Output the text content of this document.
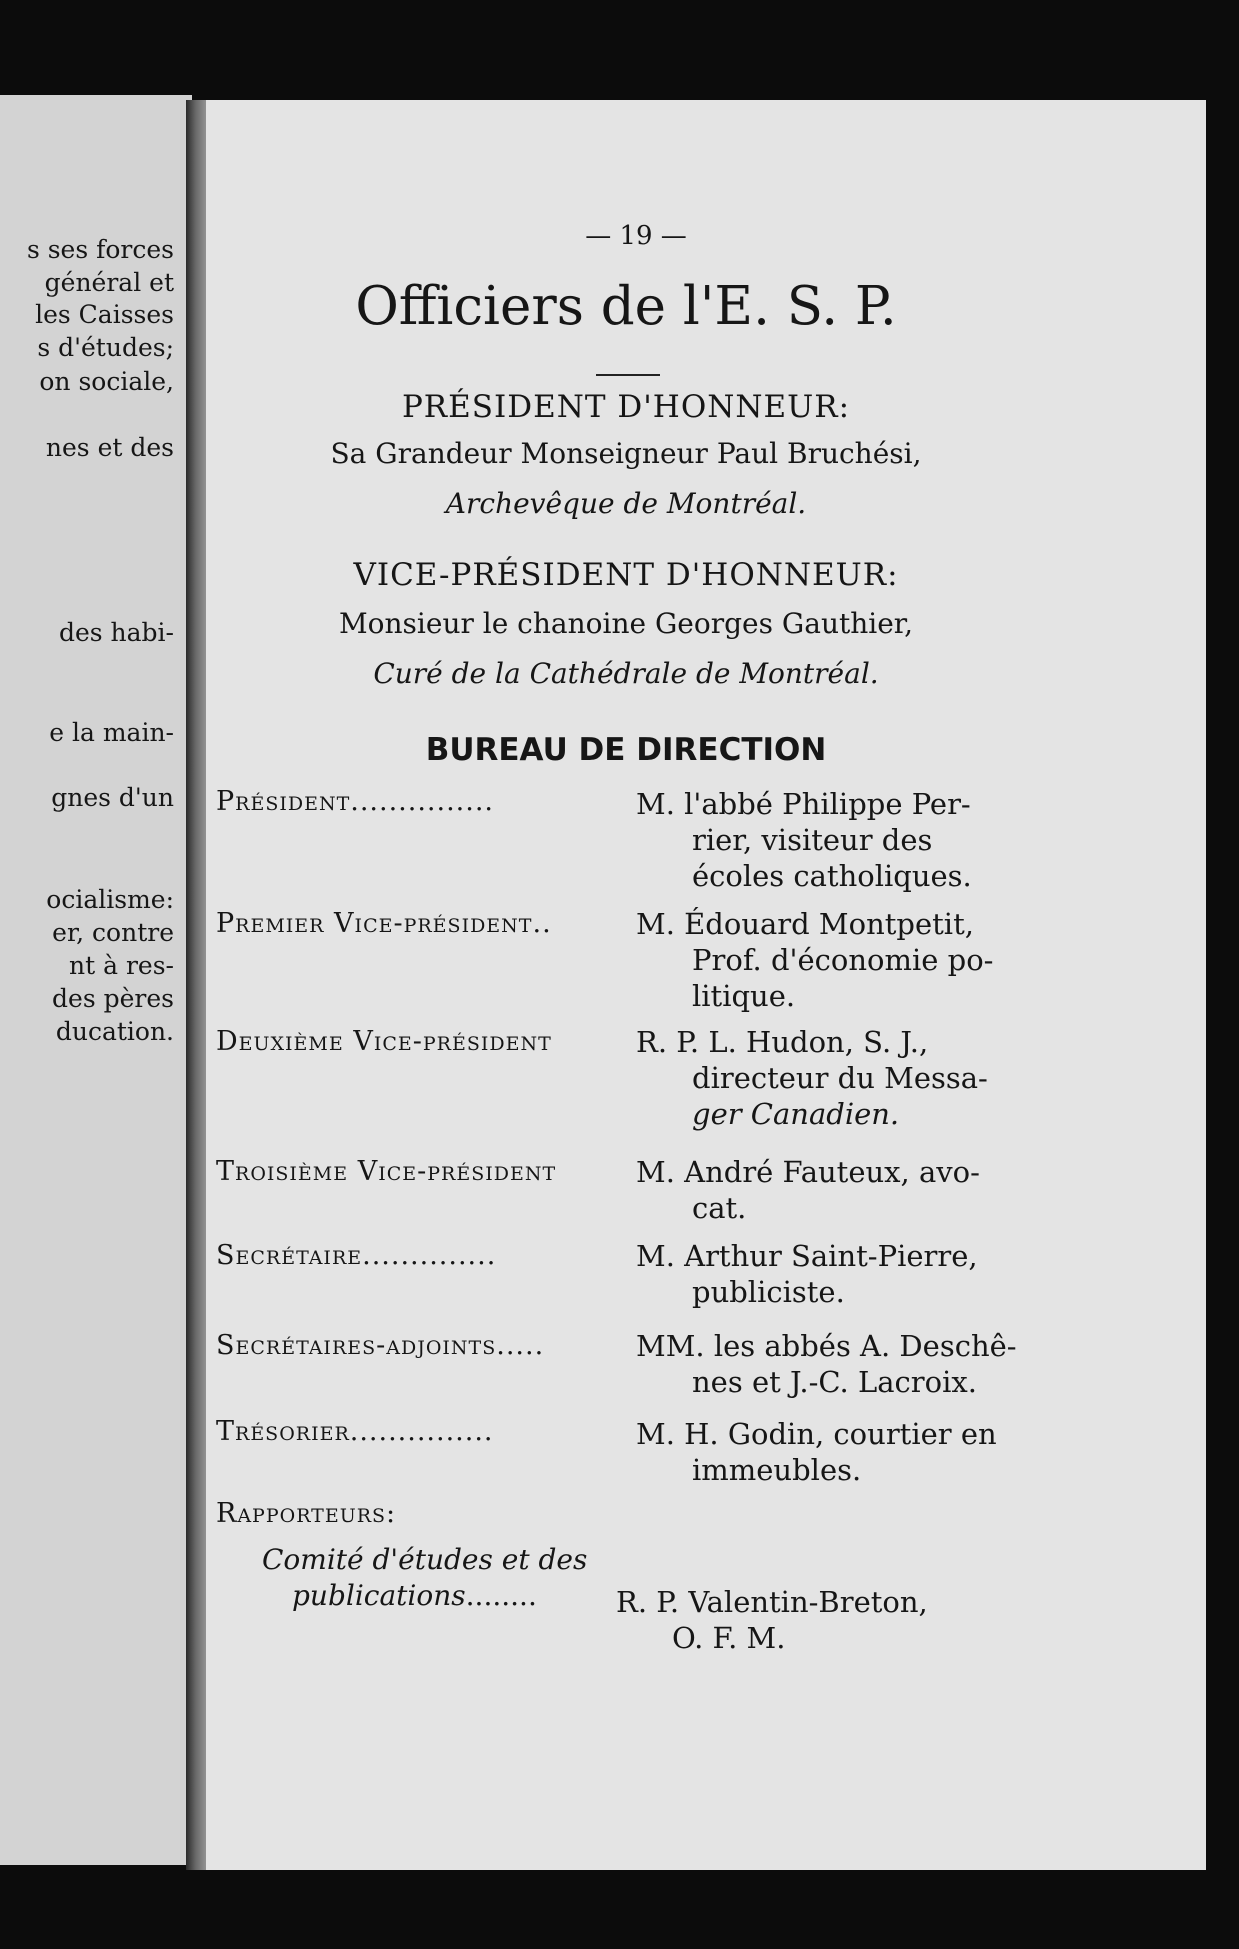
s ses forces
général et
les Caisses
s d'études;
on sociale,
nes et des
des habi-
e la main-
gnes d'un
ocialisme:
er, contre
nt à res-
des pères
ducation.
— 19 —
Officiers de l'E. S. P.
PRÉSIDENT D'HONNEUR:
Sa Grandeur Monseigneur Paul Bruchési,
Archevêque de Montréal.
VICE-PRÉSIDENT D'HONNEUR:
Monsieur le chanoine Georges Gauthier,
Curé de la Cathédrale de Montréal.
BUREAU DE DIRECTION
Président...............	M. l'abbé Philippe Per-
rier, visiteur des
écoles catholiques.
Premier Vice-président..	M. Édouard Montpetit,
Prof. d'économie po-
litique.
Deuxième Vice-président	R. P. L. Hudon, S. J.,
directeur du Messa-
ger Canadien.
Troisième Vice-président	M. André Fauteux, avo-
cat.
Secrétaire..............	M. Arthur Saint-Pierre,
publiciste.
Secrétaires-adjoints.....	MM. les abbés A. Deschê-
nes et J.-C. Lacroix.
Trésorier...............	M. H. Godin, courtier en
immeubles.
Rapporteurs:
Comité d'études et des
publications........	R. P. Valentin-Breton,
O. F. M.
